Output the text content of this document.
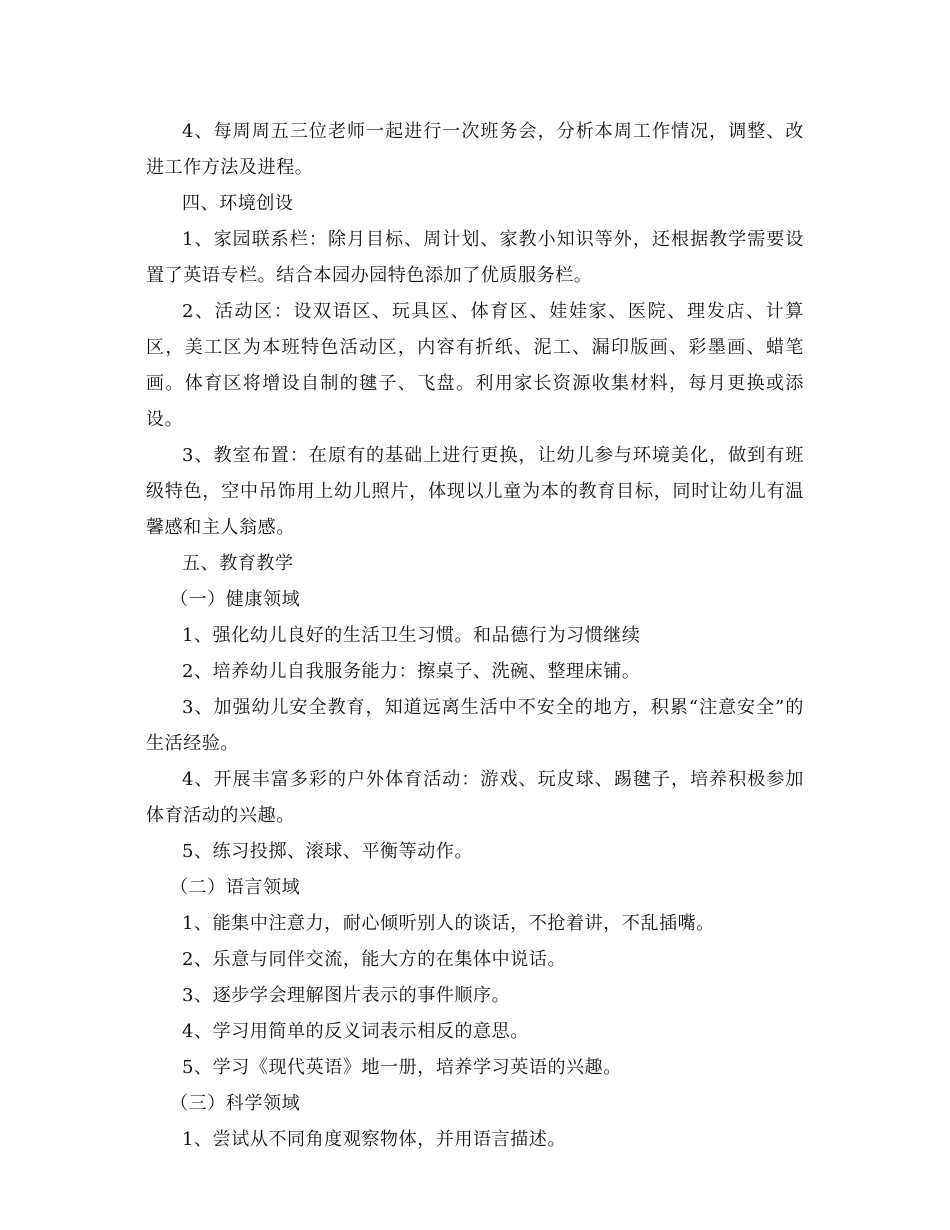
4、每周周五三位老师一起进行一次班务会，分析本周工作情况，调整、改进工作方法及进程。

四、环境创设

1、家园联系栏：除月目标、周计划、家教小知识等外，还根据教学需要设置了英语专栏。结合本园办园特色添加了优质服务栏。

2、活动区：设双语区、玩具区、体育区、娃娃家、医院、理发店、计算区，美工区为本班特色活动区，内容有折纸、泥工、漏印版画、彩墨画、蜡笔画。体育区将增设自制的毽子、飞盘。利用家长资源收集材料，每月更换或添设。

3、教室布置：在原有的基础上进行更换，让幼儿参与环境美化，做到有班级特色，空中吊饰用上幼儿照片，体现以儿童为本的教育目标，同时让幼儿有温馨感和主人翁感。

五、教育教学

（一）健康领域

1、强化幼儿良好的生活卫生习惯。和品德行为习惯继续

2、培养幼儿自我服务能力：擦桌子、洗碗、整理床铺。

3、加强幼儿安全教育，知道远离生活中不安全的地方，积累“注意安全”的生活经验。

4、开展丰富多彩的户外体育活动：游戏、玩皮球、踢毽子，培养积极参加体育活动的兴趣。

5、练习投掷、滚球、平衡等动作。

（二）语言领域

1、能集中注意力，耐心倾听别人的谈话，不抢着讲，不乱插嘴。

2、乐意与同伴交流，能大方的在集体中说话。

3、逐步学会理解图片表示的事件顺序。

4、学习用简单的反义词表示相反的意思。

5、学习《现代英语》地一册，培养学习英语的兴趣。

（三）科学领域

1、尝试从不同角度观察物体，并用语言描述。
